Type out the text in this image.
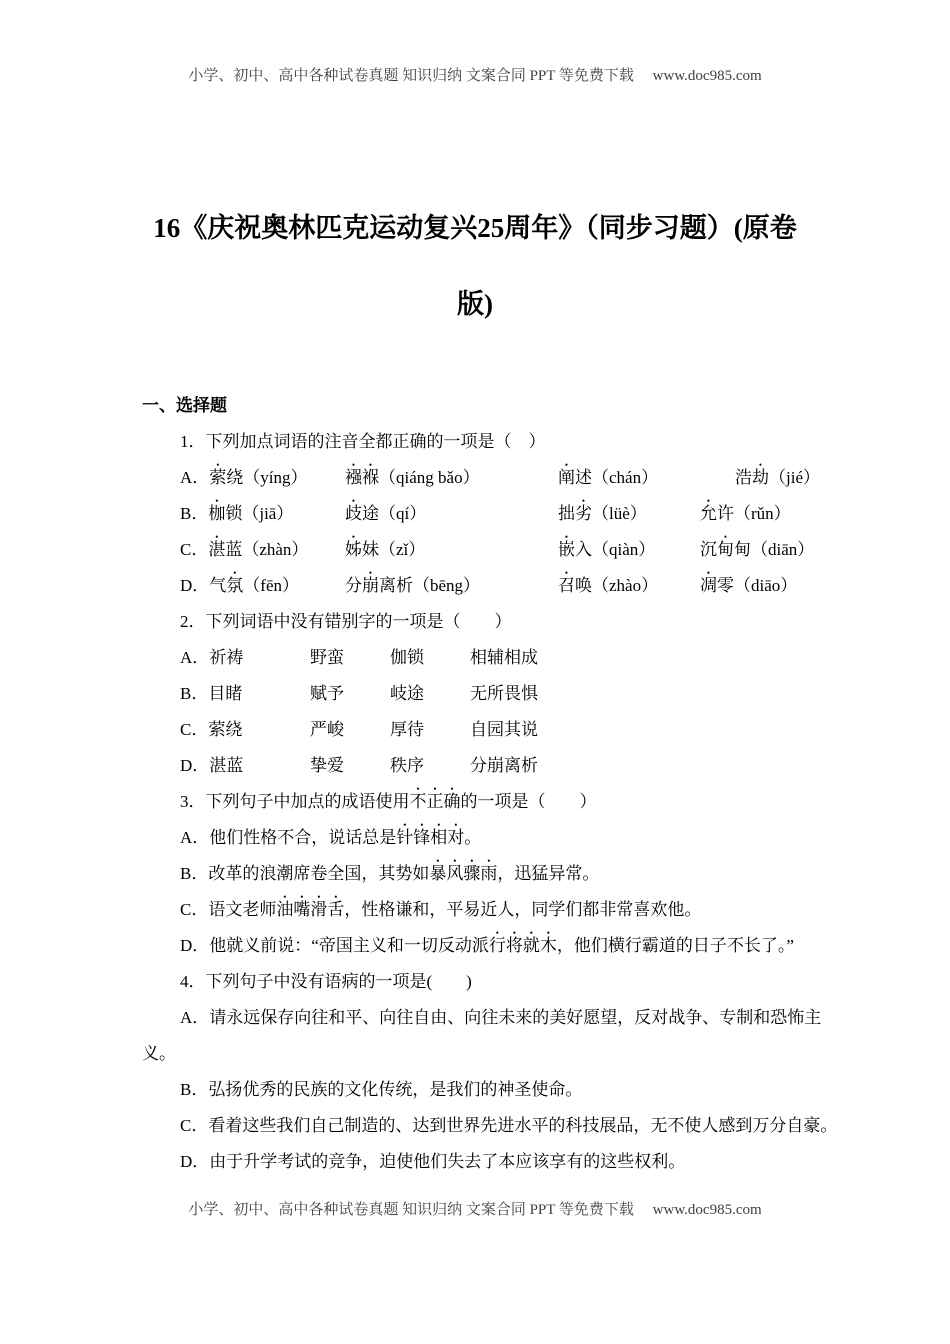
小学、初中、高中各种试卷真题 知识归纳 文案合同 PPT 等免费下载　 www.doc985.com
16《庆祝奥林匹克运动复兴25周年》（同步习题）(原卷
版)
一、选择题
1．下列加点词语的注音全都正确的一项是（　）
A．萦绕（yíng） 襁褓（qiáng bǎo）	阐述（chán）	浩劫（jié）
B．枷锁（jiā）	歧途（qí）	拙劣（lüè）	允许（rǔn）
C．湛蓝（zhàn） 姊妹（zǐ）	嵌入（qiàn）	沉甸甸（diān）
D．气氛（fēn）	分崩离析（bēng）	召唤（zhào） 凋零（diāo）
2．下列词语中没有错别字的一项是（　　）
A．祈祷	野蛮	伽锁	相辅相成
B．目睹	赋予	岐途	无所畏惧
C．萦绕	严峻	厚待	自园其说
D．湛蓝	挚爱	秩序	分崩离析
3．下列句子中加点的成语使用不正确的一项是（　　）
A．他们性格不合，说话总是针锋相对。
B．改革的浪潮席卷全国，其势如暴风骤雨，迅猛异常。
C．语文老师油嘴滑舌，性格谦和，平易近人，同学们都非常喜欢他。
D．他就义前说：“帝国主义和一切反动派行将就木，他们横行霸道的日子不长了。”
4．下列句子中没有语病的一项是(　　)
A．请永远保存向往和平、向往自由、向往未来的美好愿望，反对战争、专制和恐怖主
义。
B．弘扬优秀的民族的文化传统，是我们的神圣使命。
C．看着这些我们自己制造的、达到世界先进水平的科技展品，无不使人感到万分自豪。
D．由于升学考试的竞争，迫使他们失去了本应该享有的这些权利。
小学、初中、高中各种试卷真题 知识归纳 文案合同 PPT 等免费下载　 www.doc985.com
